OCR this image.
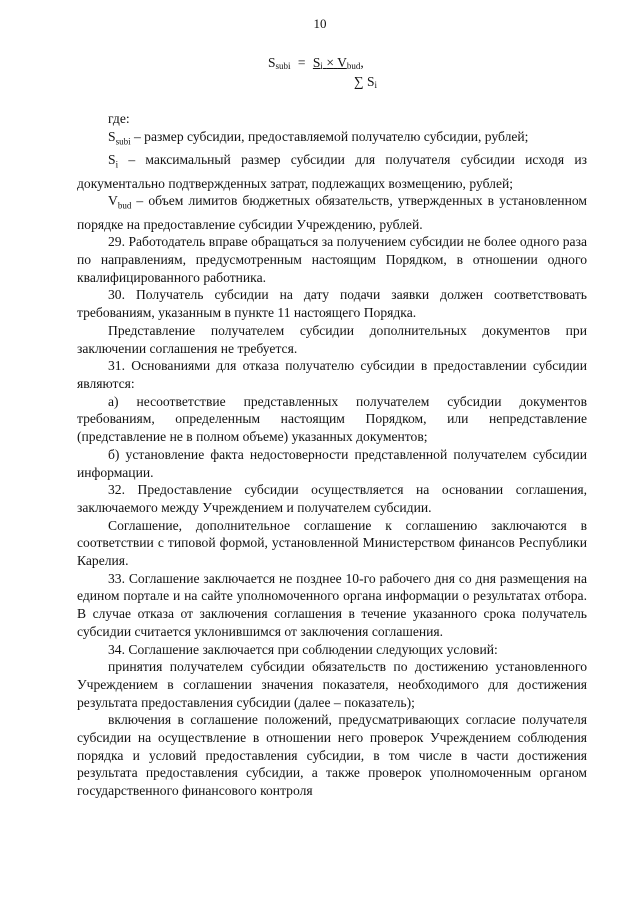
10
$S_{subi} = S_i \times V_{bud}$,
∑ $S_i$

где:

$S_{subi}$ – размер субсидии, предоставляемой получателю субсидии, рублей;

$S_i$ – максимальный размер субсидии для получателя субсидии исходя из документально подтвержденных затрат, подлежащих возмещению, рублей;

$V_{bud}$ – объем лимитов бюджетных обязательств, утвержденных в установленном порядке на предоставление субсидии Учреждению, рублей.

29. Работодатель вправе обращаться за получением субсидии не более одного раза по направлениям, предусмотренным настоящим Порядком, в отношении одного квалифицированного работника.

30. Получатель субсидии на дату подачи заявки должен соответствовать требованиям, указанным в пункте 11 настоящего Порядка.

Представление получателем субсидии дополнительных документов при заключении соглашения не требуется.

31. Основаниями для отказа получателю субсидии в предоставлении субсидии являются:

а) несоответствие представленных получателем субсидии документов требованиям, определенным настоящим Порядком, или непредставление (представление не в полном объеме) указанных документов;

б) установление факта недостоверности представленной получателем субсидии информации.

32. Предоставление субсидии осуществляется на основании соглашения, заключаемого между Учреждением и получателем субсидии.

Соглашение, дополнительное соглашение к соглашению заключаются в соответствии с типовой формой, установленной Министерством финансов Республики Карелия.

33. Соглашение заключается не позднее 10-го рабочего дня со дня размещения на едином портале и на сайте уполномоченного органа информации о результатах отбора. В случае отказа от заключения соглашения в течение указанного срока получатель субсидии считается уклонившимся от заключения соглашения.

34. Соглашение заключается при соблюдении следующих условий:

принятия получателем субсидии обязательств по достижению установленного Учреждением в соглашении значения показателя, необходимого для достижения результата предоставления субсидии (далее – показатель);

включения в соглашение положений, предусматривающих согласие получателя субсидии на осуществление в отношении него проверок Учреждением соблюдения порядка и условий предоставления субсидии, в том числе в части достижения результата предоставления субсидии, а также проверок уполномоченным органом государственного финансового контроля
